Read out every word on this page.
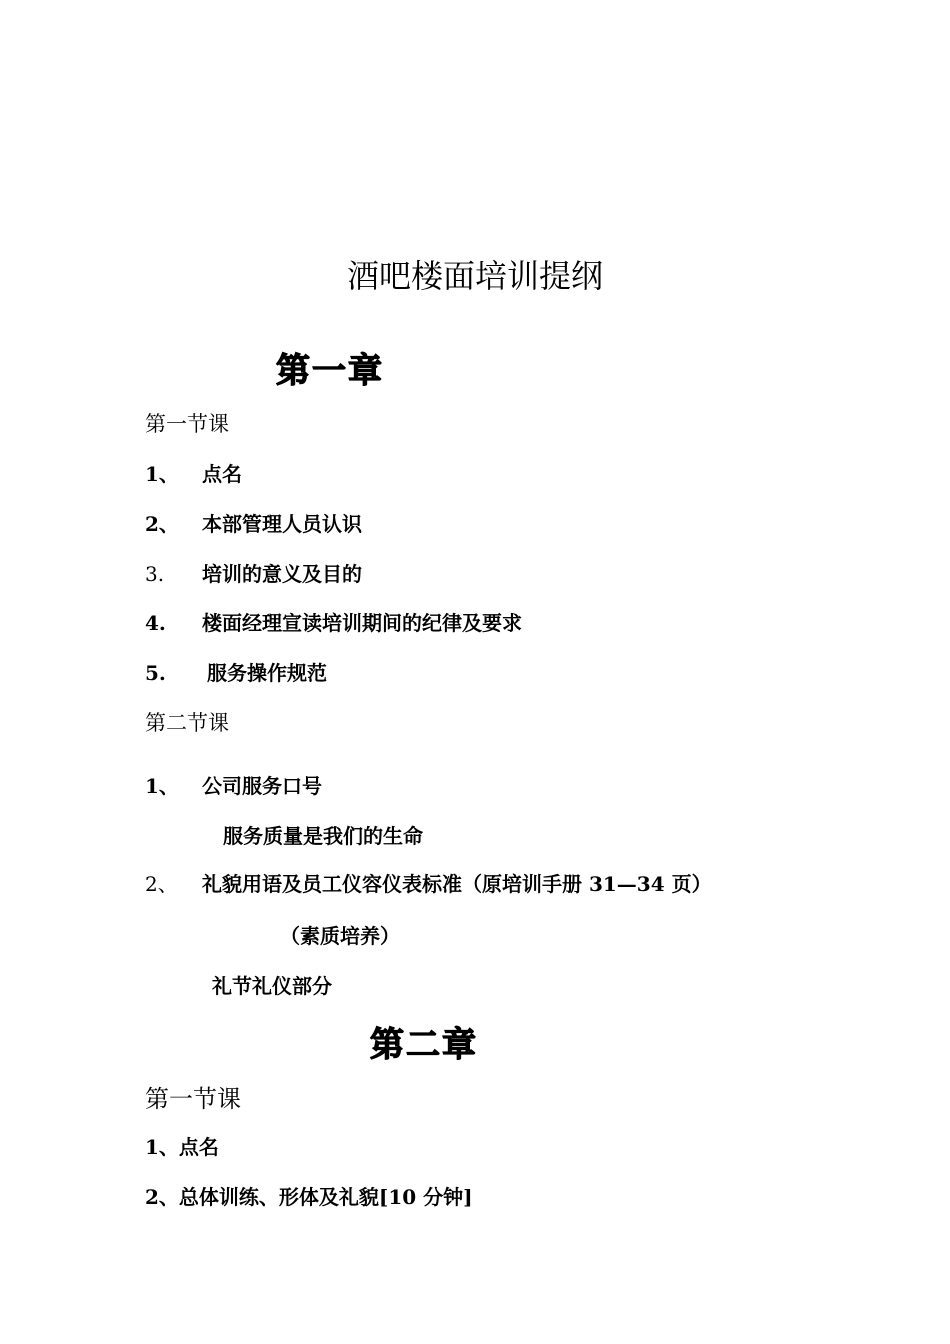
酒吧楼面培训提纲
第一章
第一节课
1、 点名
2、 本部管理人员认识
3. 培训的意义及目的
4. 楼面经理宣读培训期间的纪律及要求
5. 服务操作规范
第二节课
1、 公司服务口号
服务质量是我们的生命
2、 礼貌用语及员工仪容仪表标准（原培训手册 31—34 页）
（素质培养）
礼节礼仪部分
第二章
第一节课
1、点名
2、总体训练、形体及礼貌[10 分钟]
